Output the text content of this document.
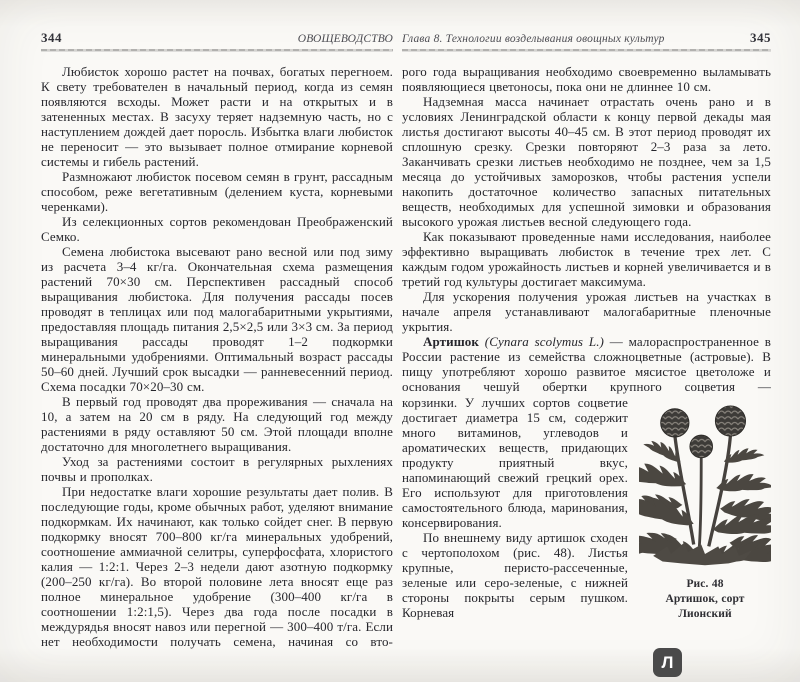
344	ОВОЩЕВОДСТВО

Любисток хорошо растет на почвах, богатых перегноем. К свету требователен в начальный период, когда из семян появляются всходы. Может расти и на открытых и в затененных местах. В засуху теряет надземную часть, но с наступлением дождей дает поросль. Избытка влаги любисток не переносит — это вызывает полное отмирание корневой системы и гибель растений.

Размножают любисток посевом семян в грунт, рассадным способом, реже вегетативным (делением куста, корневыми черенками).

Из селекционных сортов рекомендован Преображенский Семко.

Семена любистока высевают рано весной или под зиму из расчета 3–4 кг/га. Окончательная схема размещения растений 70×30 см. Перспективен рассадный способ выращивания любистока. Для получения рассады посев проводят в теплицах или под малогабаритными укрытиями, предоставляя площадь питания 2,5×2,5 или 3×3 см. За период выращивания рассады проводят 1–2 подкормки минеральными удобрениями. Оптимальный возраст рассады 50–60 дней. Лучший срок высадки — ранневесенний период. Схема посадки 70×20–30 см.

В первый год проводят два прореживания — сначала на 10, а затем на 20 см в ряду. На следующий год между растениями в ряду оставляют 50 см. Этой площади вполне достаточно для многолетнего выращивания.

Уход за растениями состоит в регулярных рыхлениях почвы и прополках.

При недостатке влаги хорошие результаты дает полив. В последующие годы, кроме обычных работ, уделяют внимание подкормкам. Их начинают, как только сойдет снег. В первую подкормку вносят 700–800 кг/га минеральных удобрений, соотношение аммиачной селитры, суперфосфата, хлористого калия — 1:2:1. Через 2–3 недели дают азотную подкормку (200–250 кг/га). Во второй половине лета вносят еще раз полное минеральное удобрение (300–400 кг/га в соотношении 1:2:1,5). Через два года после посадки в междурядья вносят навоз или перегной — 300–400 т/га. Если нет необходимости получать семена, начиная со вто-

Глава 8. Технологии возделывания овощных культур	345

рого года выращивания необходимо своевременно выламывать появляющиеся цветоносы, пока они не длиннее 10 см.

Надземная масса начинает отрастать очень рано и в условиях Ленинградской области к концу первой декады мая листья достигают высоты 40–45 см. В этот период проводят их сплошную срезку. Срезки повторяют 2–3 раза за лето. Заканчивать срезки листьев необходимо не позднее, чем за 1,5 месяца до устойчивых заморозков, чтобы растения успели накопить достаточное количество запасных питательных веществ, необходимых для успешной зимовки и образования высокого урожая листьев весной следующего года.

Как показывают проведенные нами исследования, наиболее эффективно выращивать любисток в течение трех лет. С каждым годом урожайность листьев и корней увеличивается и в третий год культуры достигает максимума.

Для ускорения получения урожая листьев на участках в начале апреля устанавливают малогабаритные пленочные укрытия.

Артишок (Cynara scolymus L.) — малораспространенное в России растение из семейства сложноцветные (астровые). В пищу употребляют хорошо развитое мясистое цветоложе и основания чешуй обертки крупного соцветия —

корзинки. У лучших сортов соцветие достигает диаметра 15 см, содержит много витаминов, углеводов и ароматических веществ, придающих продукту приятный вкус, напоминающий свежий грецкий орех. Его используют для приготовления самостоятельного блюда, маринования, консервирования.

По внешнему виду артишок сходен с чертополохом (рис. 48). Листья крупные, перисто-рассеченные, зеленые или серо-зеленые, с нижней стороны покрыты серым пушком. Корневая

Рис. 48
Артишок, сорт Лионский
Л
